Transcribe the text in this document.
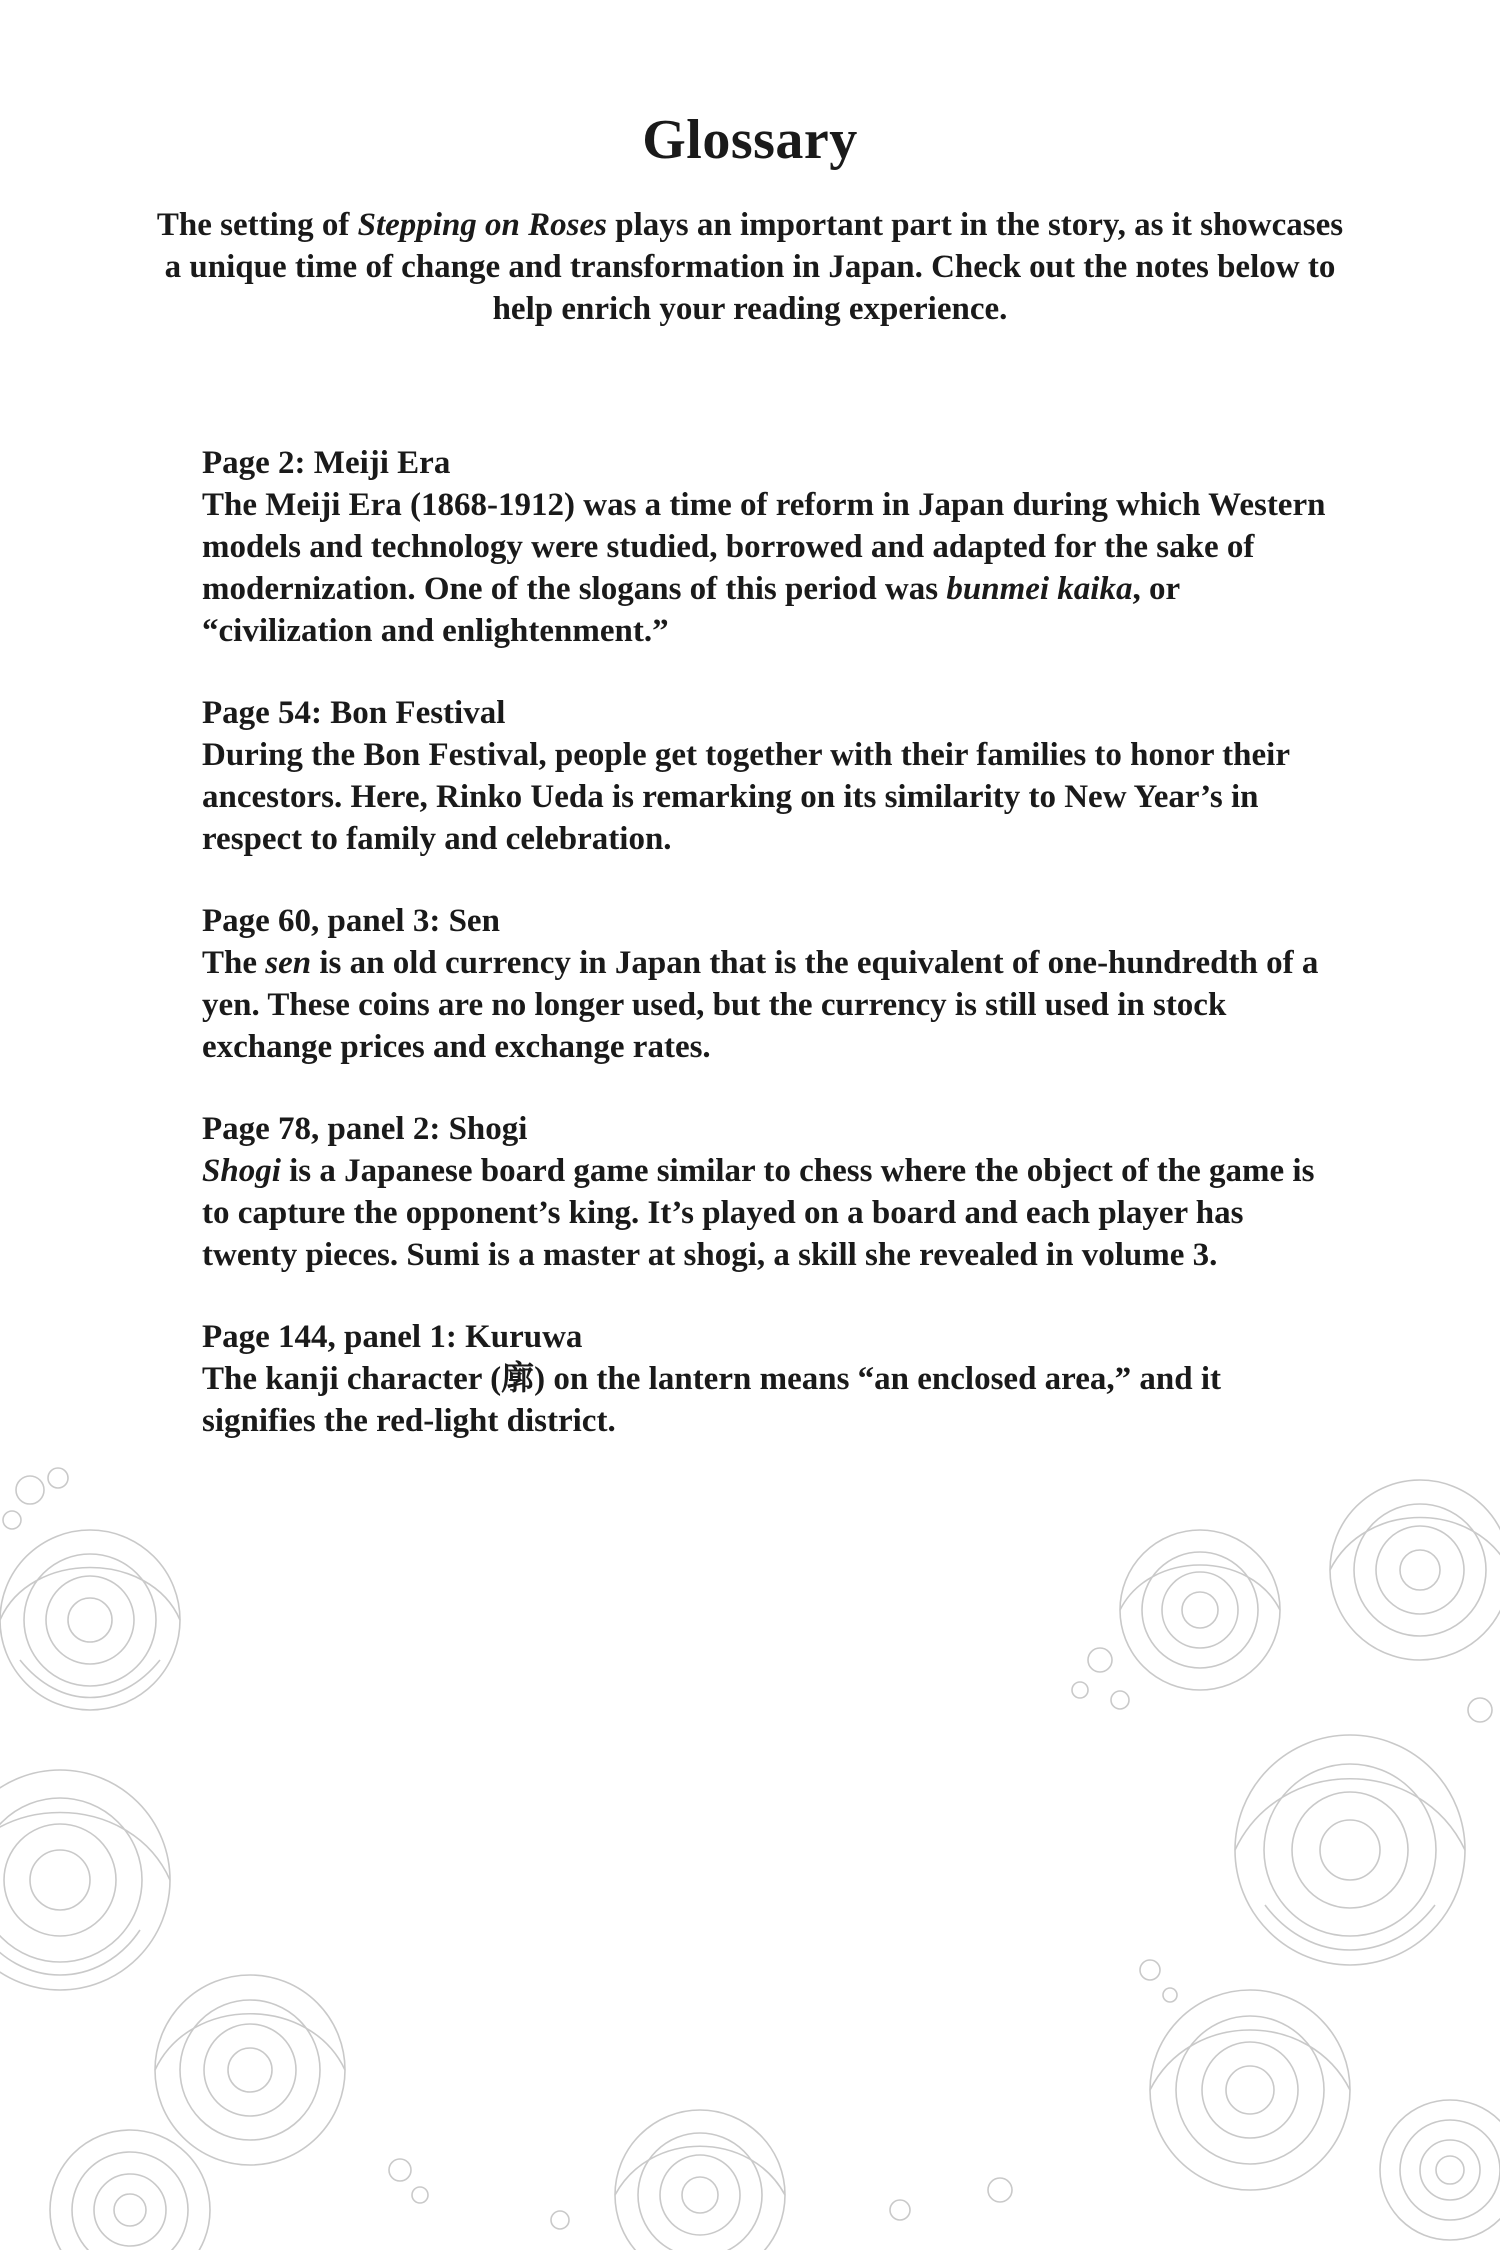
Glossary
The setting of Stepping on Roses plays an important part in the story, as it showcases a unique time of change and transformation in Japan. Check out the notes below to help enrich your reading experience.
Page 2: Meiji Era
The Meiji Era (1868-1912) was a time of reform in Japan during which Western models and technology were studied, borrowed and adapted for the sake of modernization. One of the slogans of this period was bunmei kaika, or “civilization and enlightenment.”
Page 54: Bon Festival
During the Bon Festival, people get together with their families to honor their ancestors. Here, Rinko Ueda is remarking on its similarity to New Year’s in respect to family and celebration.
Page 60, panel 3: Sen
The sen is an old currency in Japan that is the equivalent of one-hundredth of a yen. These coins are no longer used, but the currency is still used in stock exchange prices and exchange rates.
Page 78, panel 2: Shogi
Shogi is a Japanese board game similar to chess where the object of the game is to capture the opponent’s king. It’s played on a board and each player has twenty pieces. Sumi is a master at shogi, a skill she revealed in volume 3.
Page 144, panel 1: Kuruwa
The kanji character (廓) on the lantern means “an enclosed area,” and it signifies the red-light district.
